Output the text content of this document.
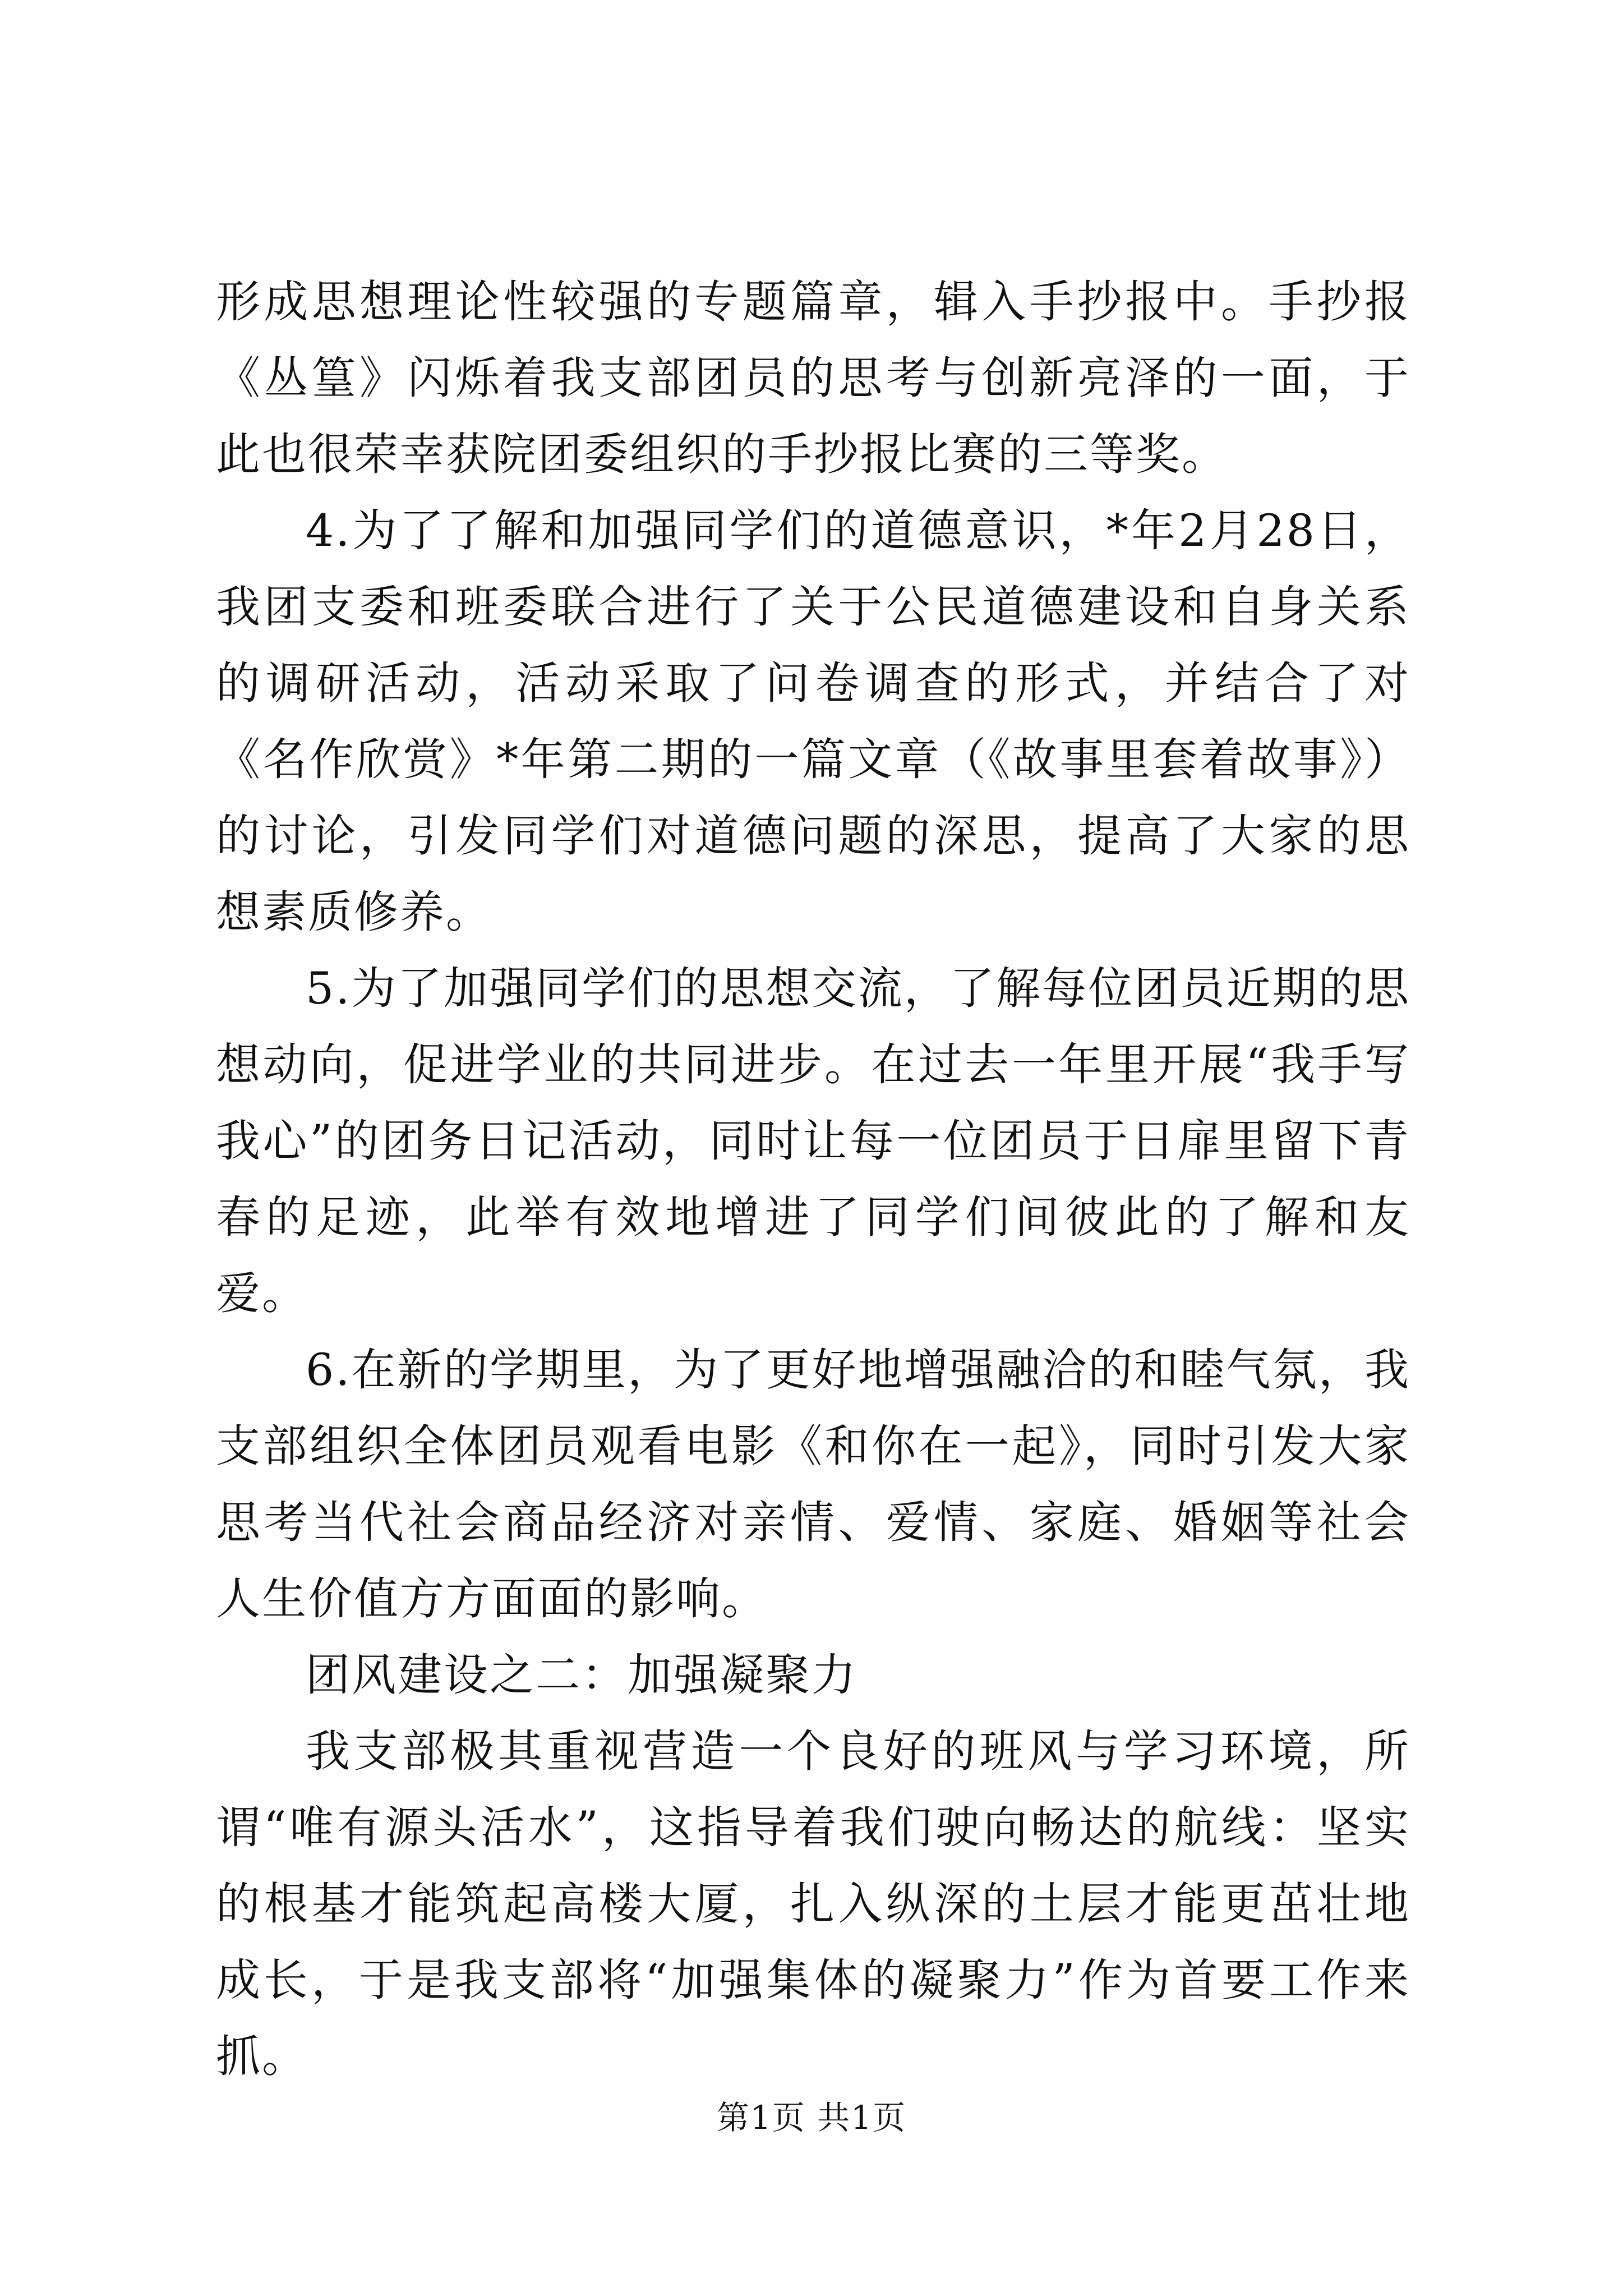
形成思想理论性较强的专题篇章，辑入手抄报中。手抄报《丛篁》闪烁着我支部团员的思考与创新亮泽的一面，于此也很荣幸获院团委组织的手抄报比赛的三等奖。

4.为了了解和加强同学们的道德意识，*年2月28日，我团支委和班委联合进行了关于公民道德建设和自身关系的调研活动，活动采取了问卷调查的形式，并结合了对《名作欣赏》*年第二期的一篇文章（《故事里套着故事》）的讨论，引发同学们对道德问题的深思，提高了大家的思想素质修养。

5.为了加强同学们的思想交流，了解每位团员近期的思想动向，促进学业的共同进步。在过去一年里开展“我手写我心”的团务日记活动，同时让每一位团员于日扉里留下青春的足迹，此举有效地增进了同学们间彼此的了解和友爱。

6.在新的学期里，为了更好地增强融洽的和睦气氛，我支部组织全体团员观看电影《和你在一起》，同时引发大家思考当代社会商品经济对亲情、爱情、家庭、婚姻等社会人生价值方方面面的影响。

团风建设之二：加强凝聚力

我支部极其重视营造一个良好的班风与学习环境，所谓“唯有源头活水”，这指导着我们驶向畅达的航线：坚实的根基才能筑起高楼大厦，扎入纵深的土层才能更茁壮地成长，于是我支部将“加强集体的凝聚力”作为首要工作来抓。

第1页 共1页
